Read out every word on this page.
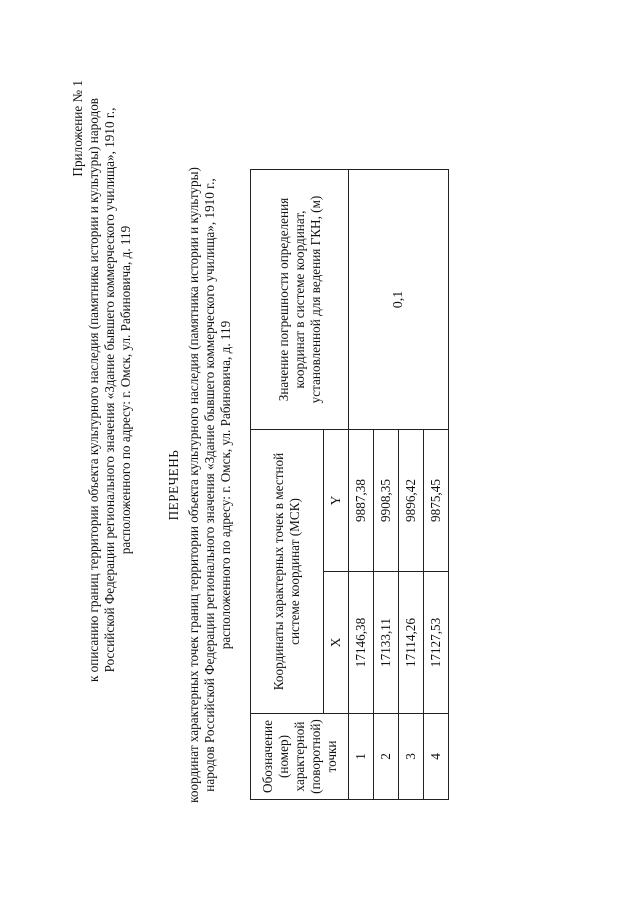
Приложение № 1 к описанию границ территории объекта культурного наследия (памятника истории и культуры) народов Российской Федерации регионального значения «Здание бывшего коммерческого училища», 1910 г., расположенного по адресу: г. Омск, ул. Рабиновича, д. 119	ПЕРЕЧЕНЬ координат характерных точек границ территории объекта культурного наследия (памятника истории и культуры) народов Российской Федерации регионального значения «Здание бывшего коммерческого училища», 1910 г., расположенного по адресу: г. Омск, ул. Рабиновича, д. 119
Обозначение (номер) характерной (поворотной) точки	Координаты характерных точек в местной системе координат (МСК)		Значение погрешности определения координат в системе координат, установленной для ведения ГКН, (м)
	X	Y	
1	17146,38	9887,38	0,1
2	17133,11	9908,35	
3	17114,26	9896,42	
4	17127,53	9875,45	
